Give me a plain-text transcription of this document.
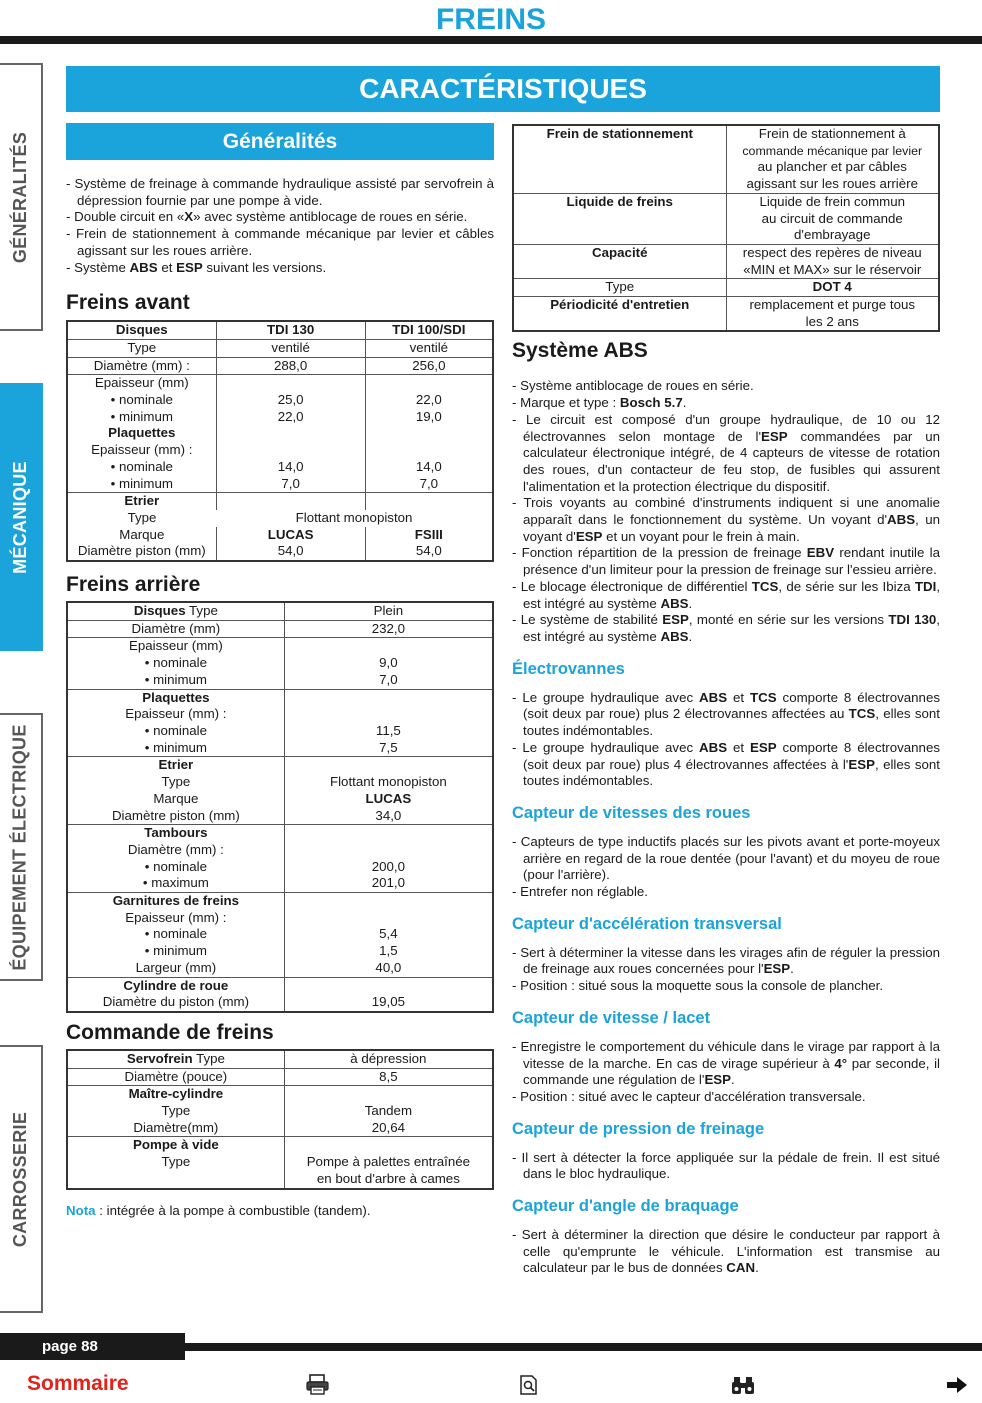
FREINS
GÉNÉRALITÉS
MÉCANIQUE
ÉQUIPEMENT ÉLECTRIQUE
CARROSSERIE
CARACTÉRISTIQUES
Généralités

- Système de freinage à commande hydraulique assisté par servofrein à dépression fournie par une pompe à vide.

- Double circuit en «X» avec système antiblocage de roues en série.

- Frein de stationnement à commande mécanique par levier et câbles agissant sur les roues arrière.

- Système ABS et ESP suivant les versions.

Freins avant
Disques	TDI 130	TDI 100/SDI
Type	ventilé	ventilé
Diamètre (mm) :	288,0	256,0
Epaisseur (mm)		
• nominale	25,0	22,0
• minimum	22,0	19,0
Plaquettes		
Epaisseur (mm) :		
• nominale	14,0	14,0
• minimum	7,0	7,0
Etrier		
Type	Flottant monopiston	
Marque	LUCAS	FSIII
Diamètre piston (mm)	54,0	54,0
Freins arrière
Disques Type	Plein
Diamètre (mm)	232,0
Epaisseur (mm)	
• nominale	9,0
• minimum	7,0
Plaquettes	
Epaisseur (mm) :	
• nominale	11,5
• minimum	7,5
Etrier	
Type	Flottant monopiston
Marque	LUCAS
Diamètre piston (mm)	34,0
Tambours	
Diamètre (mm) :	
• nominale	200,0
• maximum	201,0
Garnitures de freins	
Epaisseur (mm) :	
• nominale	5,4
• minimum	1,5
Largeur (mm)	40,0
Cylindre de roue	
Diamètre du piston (mm)	19,05
Commande de freins
Servofrein Type	à dépression
Diamètre (pouce)	8,5
Maître-cylindre	
Type	Tandem
Diamètre(mm)	20,64
Pompe à vide	
Type	Pompe à palettes entraînée
	en bout d'arbre à cames

Nota : intégrée à la pompe à combustible (tandem).
Frein de stationnement	Frein de stationnement à
	commande mécanique par levier
	au plancher et par câbles
	agissant sur les roues arrière
Liquide de freins	Liquide de frein commun
	au circuit de commande
	d'embrayage
Capacité	respect des repères de niveau
	«MIN et MAX» sur le réservoir
Type	DOT 4
Périodicité d'entretien	remplacement et purge tous
	les 2 ans

Système ABS

- Système antiblocage de roues en série.

- Marque et type : Bosch 5.7.

- Le circuit est composé d'un groupe hydraulique, de 10 ou 12 électrovannes selon montage de l'ESP commandées par un calculateur électronique intégré, de 4 capteurs de vitesse de rotation des roues, d'un contacteur de feu stop, de fusibles qui assurent l'alimentation et la protection électrique du dispositif.

- Trois voyants au combiné d'instruments indiquent si une anomalie apparaît dans le fonctionnement du système. Un voyant d'ABS, un voyant d'ESP et un voyant pour le frein à main.

- Fonction répartition de la pression de freinage EBV rendant inutile la présence d'un limiteur pour la pression de freinage sur l'essieu arrière.

- Le blocage électronique de différentiel TCS, de série sur les Ibiza TDI, est intégré au système ABS.

- Le système de stabilité ESP, monté en série sur les versions TDI 130, est intégré au système ABS.

Électrovannes

- Le groupe hydraulique avec ABS et TCS comporte 8 électrovannes (soit deux par roue) plus 2 électrovannes affectées au TCS, elles sont toutes indémontables.

- Le groupe hydraulique avec ABS et ESP comporte 8 électrovannes (soit deux par roue) plus 4 électrovannes affectées à l'ESP, elles sont toutes indémontables.

Capteur de vitesses des roues

- Capteurs de type inductifs placés sur les pivots avant et porte-moyeux arrière en regard de la roue dentée (pour l'avant) et du moyeu de roue (pour l'arrière).

- Entrefer non réglable.

Capteur d'accélération transversal

- Sert à déterminer la vitesse dans les virages afin de réguler la pression de freinage aux roues concernées pour l'ESP.

- Position : situé sous la moquette sous la console de plancher.

Capteur de vitesse / lacet

- Enregistre le comportement du véhicule dans le virage par rapport à la vitesse de la marche. En cas de virage supérieur à 4° par seconde, il commande une régulation de l'ESP.

- Position : situé avec le capteur d'accélération transversale.

Capteur de pression de freinage

- Il sert à détecter la force appliquée sur la pédale de frein. Il est situé dans le bloc hydraulique.

Capteur d'angle de braquage

- Sert à déterminer la direction que désire le conducteur par rapport à celle qu'emprunte le véhicule. L'information est transmise au calculateur par le bus de données CAN.

page 88
Sommaire
